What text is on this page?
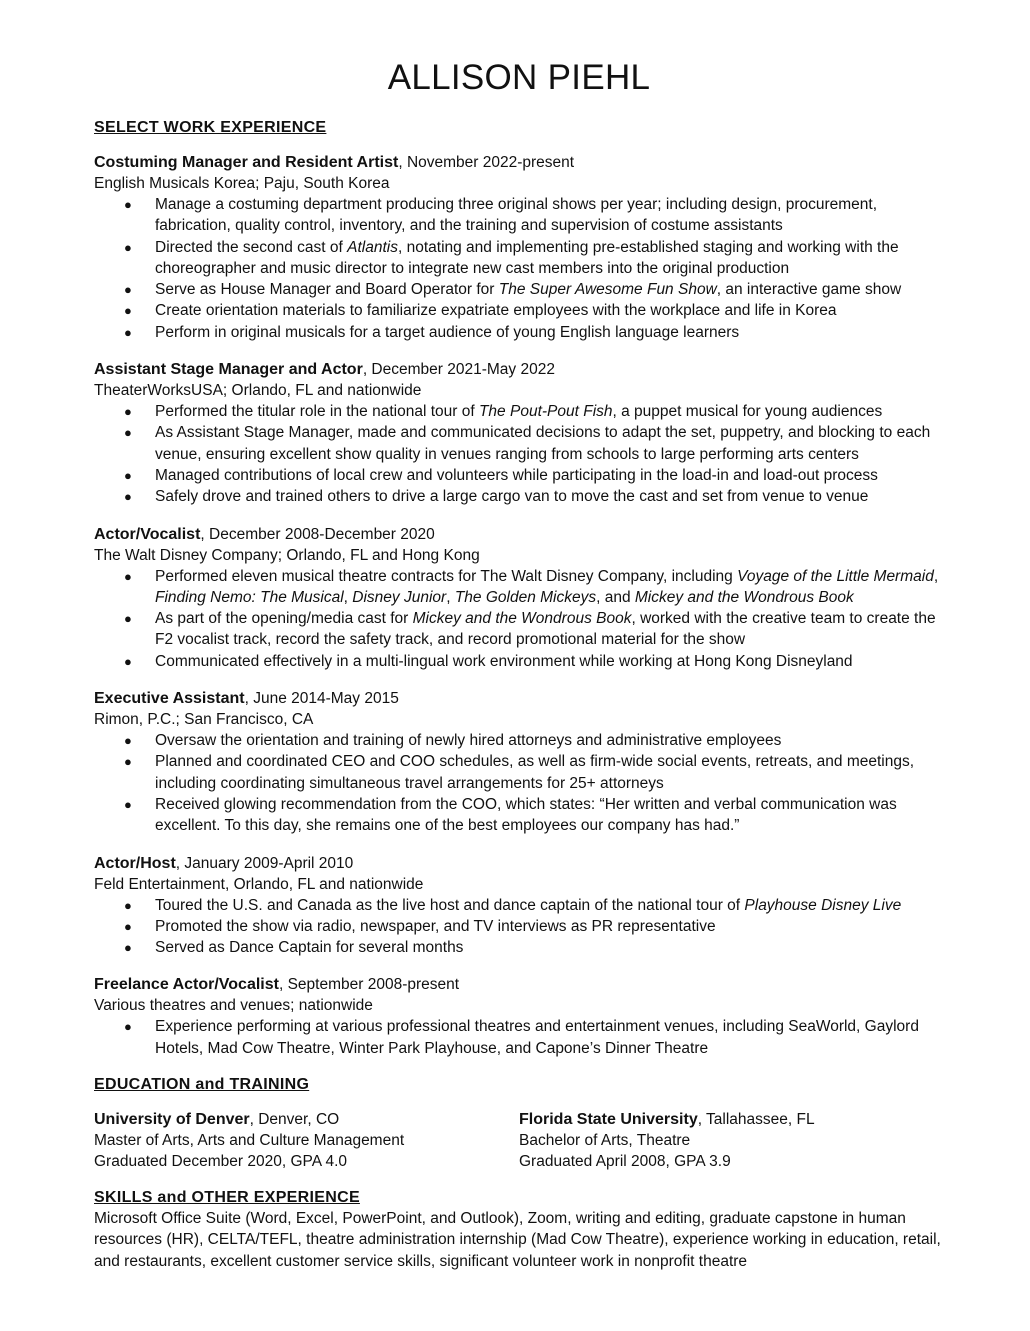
ALLISON PIEHL
SELECT WORK EXPERIENCE

Costuming Manager and Resident Artist, November 2022-present

English Musicals Korea; Paju, South Korea

● Manage a costuming department producing three original shows per year; including design, procurement, fabrication, quality control, inventory, and the training and supervision of costume assistants
● Directed the second cast of Atlantis, notating and implementing pre-established staging and working with the choreographer and music director to integrate new cast members into the original production
● Serve as House Manager and Board Operator for The Super Awesome Fun Show, an interactive game show
● Create orientation materials to familiarize expatriate employees with the workplace and life in Korea
● Perform in original musicals for a target audience of young English language learners

Assistant Stage Manager and Actor, December 2021-May 2022

TheaterWorksUSA; Orlando, FL and nationwide

● Performed the titular role in the national tour of The Pout-Pout Fish, a puppet musical for young audiences
● As Assistant Stage Manager, made and communicated decisions to adapt the set, puppetry, and blocking to each venue, ensuring excellent show quality in venues ranging from schools to large performing arts centers
● Managed contributions of local crew and volunteers while participating in the load-in and load-out process
● Safely drove and trained others to drive a large cargo van to move the cast and set from venue to venue

Actor/Vocalist, December 2008-December 2020

The Walt Disney Company; Orlando, FL and Hong Kong

● Performed eleven musical theatre contracts for The Walt Disney Company, including Voyage of the Little Mermaid, Finding Nemo: The Musical, Disney Junior, The Golden Mickeys, and Mickey and the Wondrous Book
● As part of the opening/media cast for Mickey and the Wondrous Book, worked with the creative team to create the F2 vocalist track, record the safety track, and record promotional material for the show
● Communicated effectively in a multi-lingual work environment while working at Hong Kong Disneyland

Executive Assistant, June 2014-May 2015

Rimon, P.C.; San Francisco, CA

● Oversaw the orientation and training of newly hired attorneys and administrative employees
● Planned and coordinated CEO and COO schedules, as well as firm-wide social events, retreats, and meetings, including coordinating simultaneous travel arrangements for 25+ attorneys
● Received glowing recommendation from the COO, which states: “Her written and verbal communication was excellent. To this day, she remains one of the best employees our company has had.”

Actor/Host, January 2009-April 2010

Feld Entertainment, Orlando, FL and nationwide

● Toured the U.S. and Canada as the live host and dance captain of the national tour of Playhouse Disney Live
● Promoted the show via radio, newspaper, and TV interviews as PR representative
● Served as Dance Captain for several months

Freelance Actor/Vocalist, September 2008-present

Various theatres and venues; nationwide

● Experience performing at various professional theatres and entertainment venues, including SeaWorld, Gaylord Hotels, Mad Cow Theatre, Winter Park Playhouse, and Capone’s Dinner Theatre
EDUCATION and TRAINING

University of Denver, Denver, CO

Master of Arts, Arts and Culture Management

Graduated December 2020, GPA 4.0

Florida State University, Tallahassee, FL

Bachelor of Arts, Theatre

Graduated April 2008, GPA 3.9

SKILLS and OTHER EXPERIENCE

Microsoft Office Suite (Word, Excel, PowerPoint, and Outlook), Zoom, writing and editing, graduate capstone in human resources (HR), CELTA/TEFL, theatre administration internship (Mad Cow Theatre), experience working in education, retail, and restaurants, excellent customer service skills, significant volunteer work in nonprofit theatre
